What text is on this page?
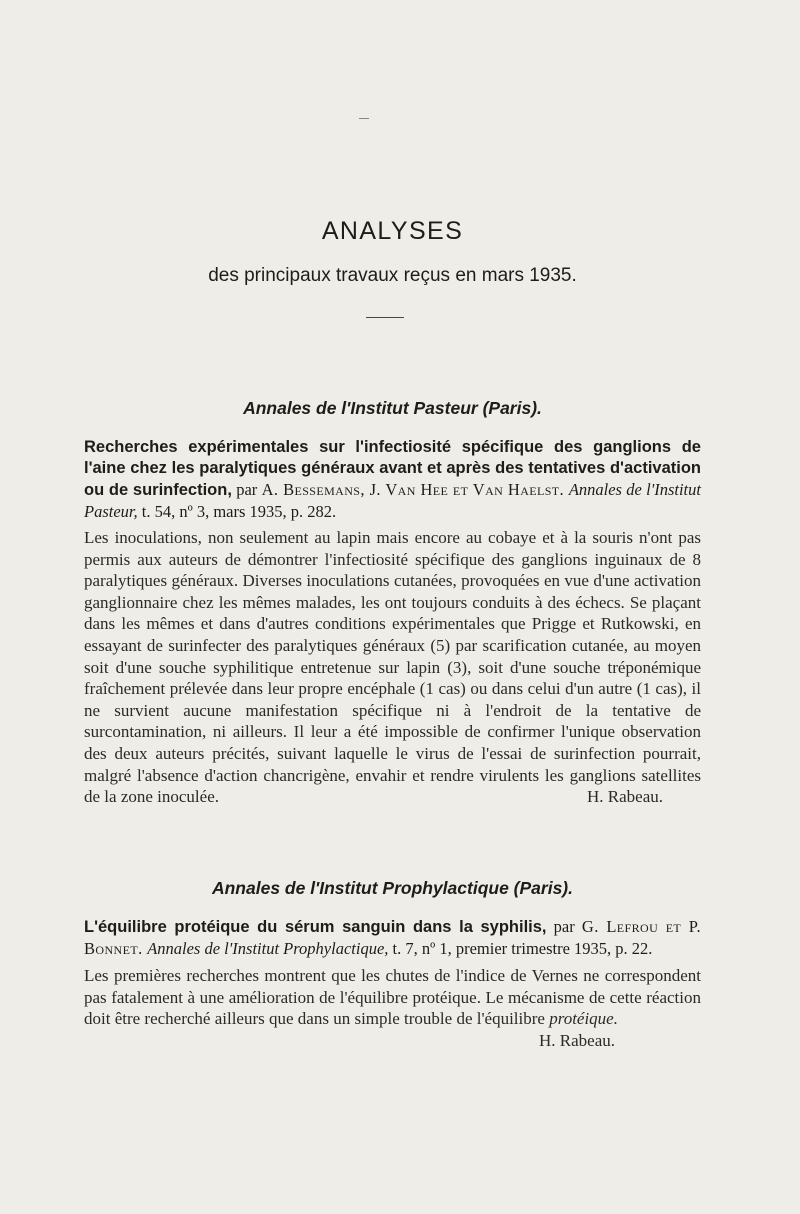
ANALYSES
des principaux travaux reçus en mars 1935.
Annales de l'Institut Pasteur (Paris).

Recherches expérimentales sur l'infectiosité spécifique des ganglions de l'aine chez les paralytiques généraux avant et après des tentatives d'activation ou de surinfection, par A. Bessemans, J. Van Hee et Van Haelst. Annales de l'Institut Pasteur, t. 54, nº 3, mars 1935, p. 282.

Les inoculations, non seulement au lapin mais encore au cobaye et à la souris n'ont pas permis aux auteurs de démontrer l'infectiosité spécifique des ganglions inguinaux de 8 paralytiques généraux. Diverses inoculations cutanées, provoquées en vue d'une activation ganglionnaire chez les mêmes malades, les ont toujours conduits à des échecs. Se plaçant dans les mêmes et dans d'autres conditions expérimentales que Prigge et Rutkowski, en essayant de surinfecter des paralytiques généraux (5) par scarification cutanée, au moyen soit d'une souche syphilitique entretenue sur lapin (3), soit d'une souche tréponémique fraîchement prélevée dans leur propre encéphale (1 cas) ou dans celui d'un autre (1 cas), il ne survient aucune manifestation spécifique ni à l'endroit de la tentative de surcontamination, ni ailleurs. Il leur a été impossible de confirmer l'unique observation des deux auteurs précités, suivant laquelle le virus de l'essai de surinfection pourrait, malgré l'absence d'action chancrigène, envahir et rendre virulents les ganglions satellites de la zone inoculée.	H. Rabeau.

Annales de l'Institut Prophylactique (Paris).

L'équilibre protéique du sérum sanguin dans la syphilis, par G. Lefrou et P. Bonnet. Annales de l'Institut Prophylactique, t. 7, nº 1, premier trimestre 1935, p. 22.

Les premières recherches montrent que les chutes de l'indice de Vernes ne correspondent pas fatalement à une amélioration de l'équilibre protéique. Le mécanisme de cette réaction doit être recherché ailleurs que dans un simple trouble de l'équilibre protéique.

H. Rabeau.
